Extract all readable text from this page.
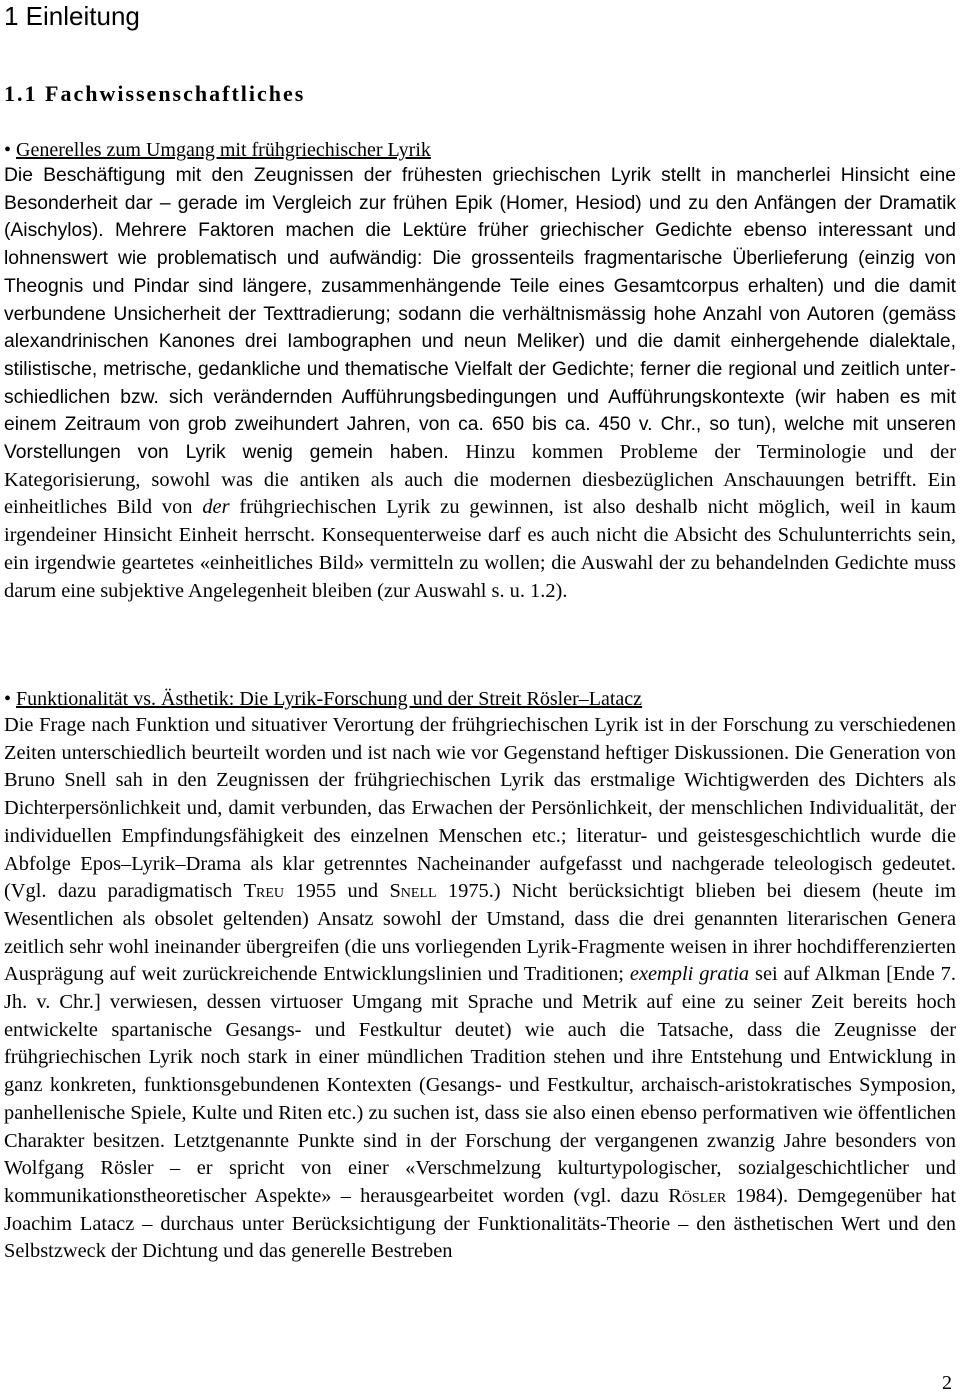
1 Einleitung
1.1 Fachwissenschaftliches

• Generelles zum Umgang mit frühgriechischer Lyrik

Die Beschäftigung mit den Zeugnissen der frühesten griechischen Lyrik stellt in mancherlei Hinsicht eine Besonderheit dar – gerade im Vergleich zur frühen Epik (Homer, Hesiod) und zu den Anfängen der Dramatik (Aischylos). Mehrere Faktoren machen die Lektüre früher griechischer Gedichte ebenso interessant und lohnenswert wie problematisch und aufwändig: Die grossenteils fragmentarische Überlieferung (einzig von Theognis und Pindar sind längere, zusammenhängende Teile eines Gesamtcorpus erhalten) und die damit verbundene Unsicherheit der Texttradierung; sodann die verhältnismässig hohe Anzahl von Autoren (gemäss alexandrinischen Kanones drei Iambographen und neun Meliker) und die damit einhergehende dialektale, stilistische, metrische, gedankliche und thematische Vielfalt der Gedichte; ferner die regional und zeitlich unterschiedlichen bzw. sich verändernden Aufführungsbedingungen und Aufführungskontexte (wir haben es mit einem Zeitraum von grob zweihundert Jahren, von ca. 650 bis ca. 450 v. Chr., so tun), welche mit unseren Vorstellungen von Lyrik wenig gemein haben. Hinzu kommen Probleme der Terminologie und der Kategorisierung, sowohl was die antiken als auch die modernen diesbezüglichen Anschauungen betrifft. Ein einheitliches Bild von der frühgriechischen Lyrik zu gewinnen, ist also deshalb nicht möglich, weil in kaum irgendeiner Hinsicht Einheit herrscht. Konsequenterweise darf es auch nicht die Absicht des Schulunterrichts sein, ein irgendwie geartetes «einheitliches Bild» vermitteln zu wollen; die Auswahl der zu behandelnden Gedichte muss darum eine subjektive Angelegenheit bleiben (zur Auswahl s. u. 1.2).

• Funktionalität vs. Ästhetik: Die Lyrik-Forschung und der Streit Rösler–Latacz

Die Frage nach Funktion und situativer Verortung der frühgriechischen Lyrik ist in der Forschung zu verschiedenen Zeiten unterschiedlich beurteilt worden und ist nach wie vor Gegenstand heftiger Diskussionen. Die Generation von Bruno Snell sah in den Zeugnissen der frühgriechischen Lyrik das erstmalige Wichtigwerden des Dichters als Dichterpersönlichkeit und, damit verbunden, das Erwachen der Persönlichkeit, der menschlichen Individualität, der individuellen Empfindungsfähigkeit des einzelnen Menschen etc.; literatur- und geistesgeschichtlich wurde die Abfolge Epos–Lyrik–Drama als klar getrenntes Nacheinander aufgefasst und nachgerade teleologisch gedeutet. (Vgl. dazu paradigmatisch Treu 1955 und Snell 1975.) Nicht berücksichtigt blieben bei diesem (heute im Wesentlichen als obsolet geltenden) Ansatz sowohl der Umstand, dass die drei genannten literarischen Genera zeitlich sehr wohl ineinander übergreifen (die uns vorliegenden Lyrik-Fragmente weisen in ihrer hochdifferenzierten Ausprägung auf weit zurückreichende Entwicklungslinien und Traditionen; exempli gratia sei auf Alkman [Ende 7. Jh. v. Chr.] verwiesen, dessen virtuoser Umgang mit Sprache und Metrik auf eine zu seiner Zeit bereits hoch entwickelte spartanische Gesangs- und Festkultur deutet) wie auch die Tatsache, dass die Zeugnisse der frühgriechischen Lyrik noch stark in einer mündlichen Tradition stehen und ihre Entstehung und Entwicklung in ganz konkreten, funktionsgebundenen Kontexten (Gesangs- und Festkultur, archaisch-aristokratisches Symposion, panhellenische Spiele, Kulte und Riten etc.) zu suchen ist, dass sie also einen ebenso performativen wie öffentlichen Charakter besitzen. Letztgenannte Punkte sind in der Forschung der vergangenen zwanzig Jahre besonders von Wolfgang Rösler – er spricht von einer «Verschmelzung kulturtypologischer, sozialgeschichtlicher und kommunikationstheoretischer Aspekte» – herausgearbeitet worden (vgl. dazu Rösler 1984). Demgegenüber hat Joachim Latacz – durchaus unter Berücksichtigung der Funktionalitäts-Theorie – den ästhetischen Wert und den Selbstzweck der Dichtung und das generelle Bestreben

2
